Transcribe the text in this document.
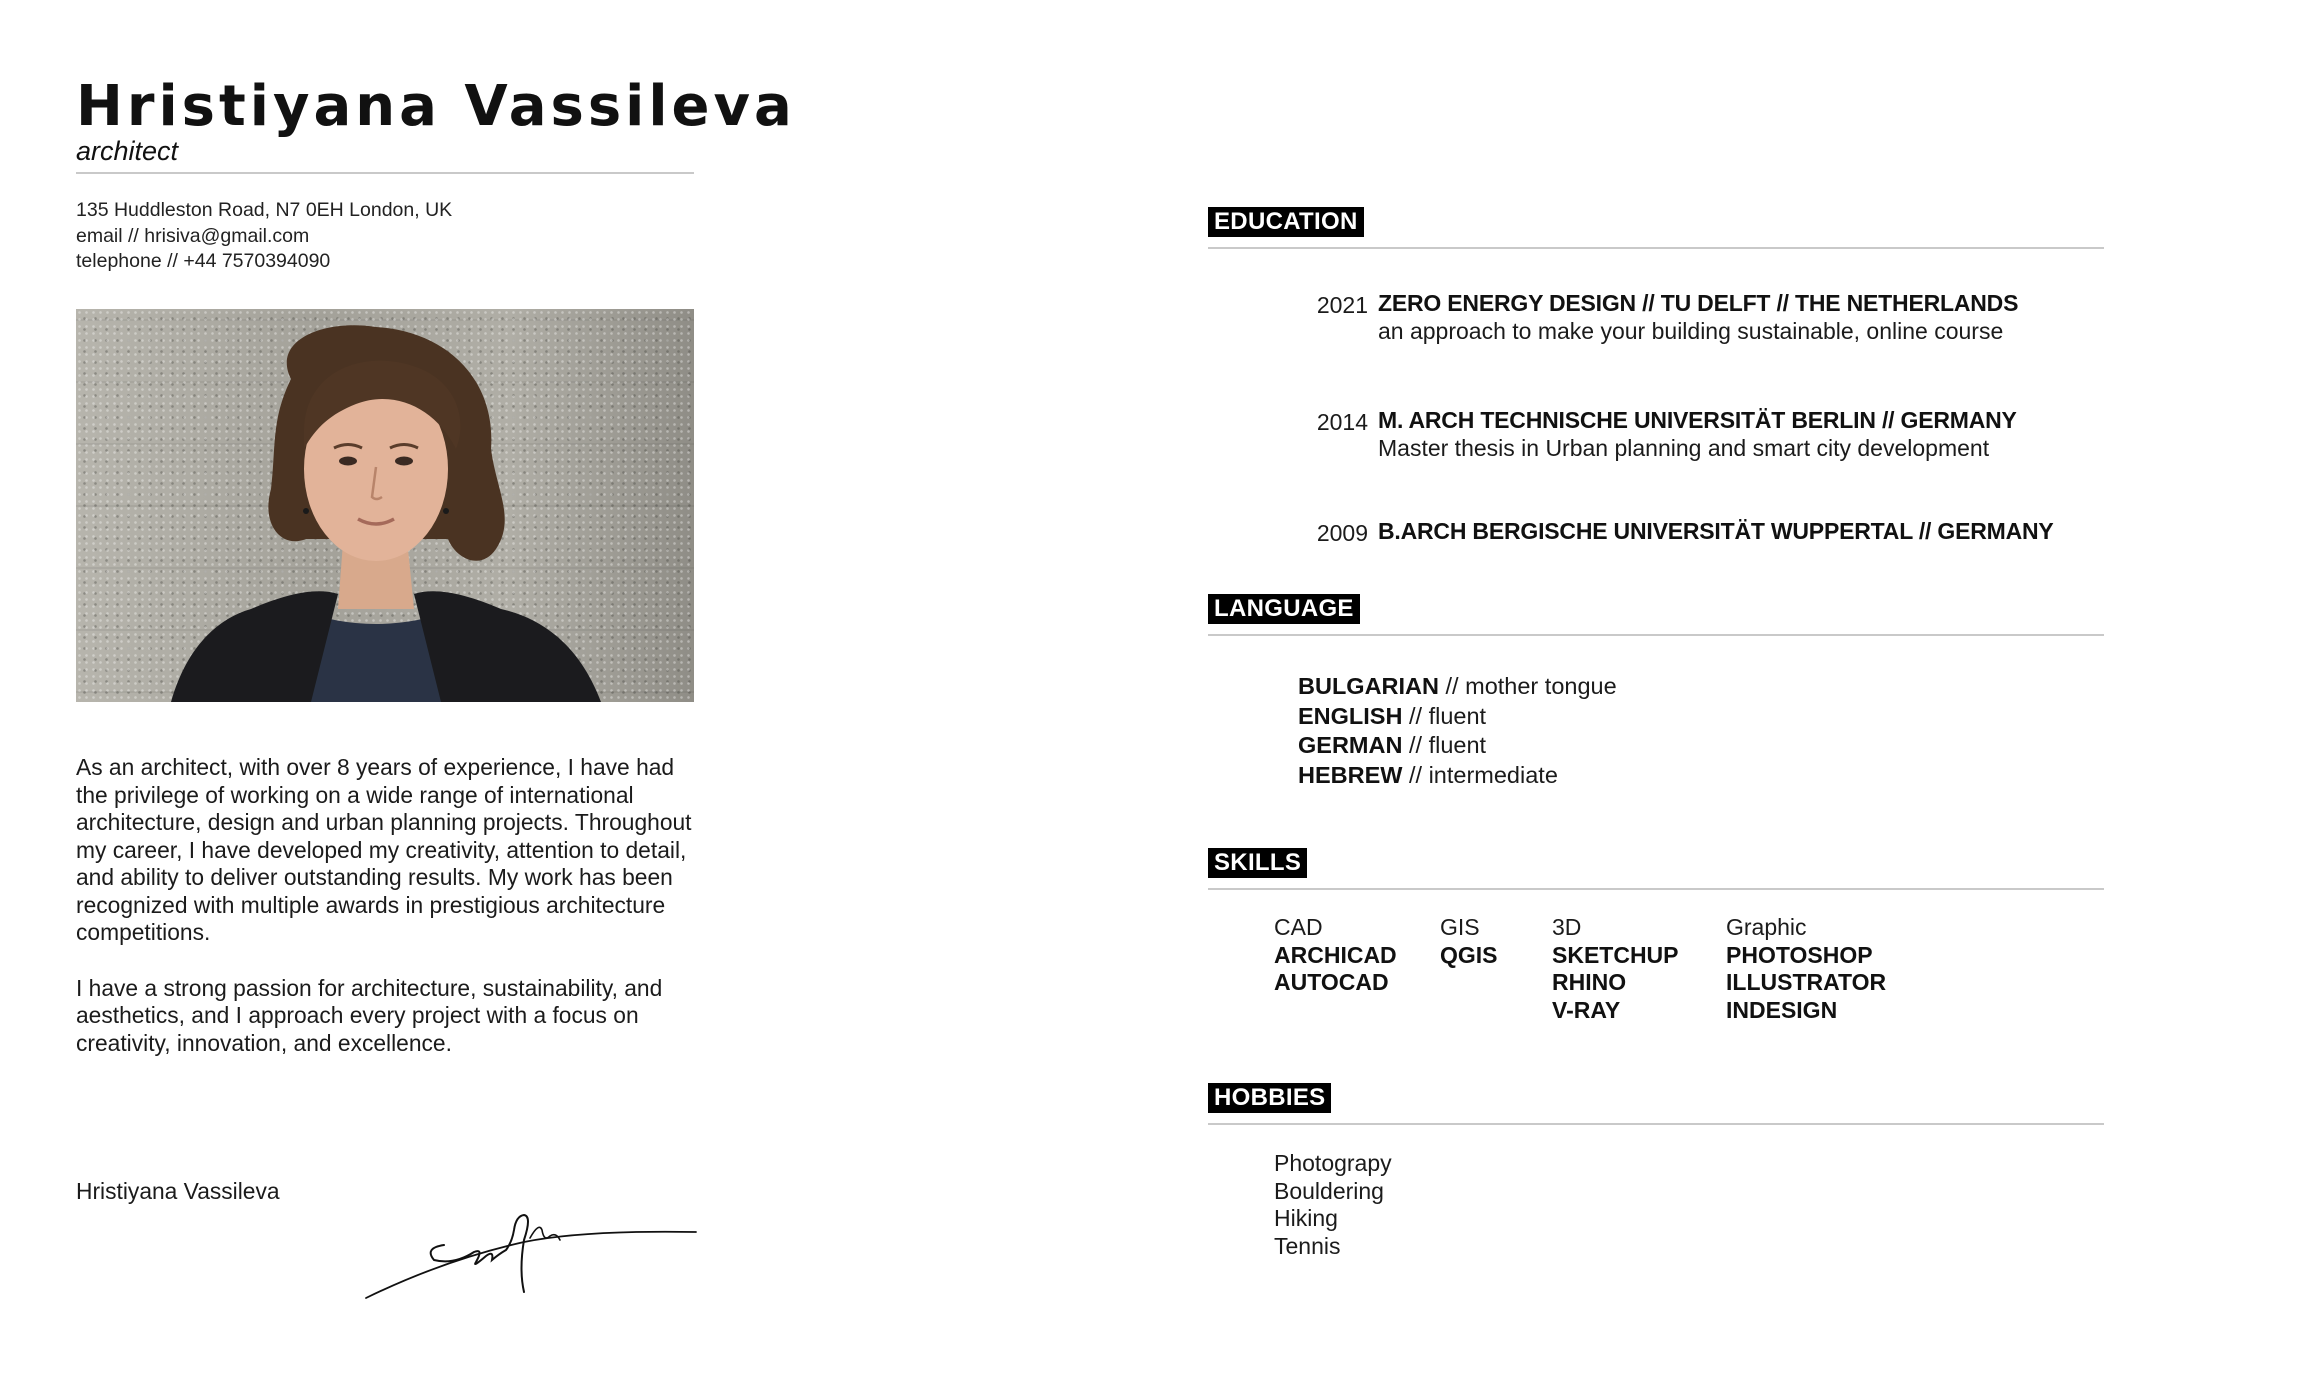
Hristiyana Vassileva
architect
135 Huddleston Road, N7 0EH London, UK
email // hrisiva@gmail.com
telephone // +44 7570394090

As an architect, with over 8 years of experience, I have had the privilege of working on a wide range of international architecture, design and urban planning projects. Throughout my career, I have developed my creativity, attention to detail, and ability to deliver outstanding results. My work has been recognized with multiple awards in prestigious architecture competitions.

I have a strong passion for architecture, sustainability, and aesthetics, and I approach every project with a focus on creativity, innovation, and excellence.

Hristiyana Vassileva
EDUCATION
2021 ZERO ENERGY DESIGN // TU DELFT // THE NETHERLANDS
an approach to make your building sustainable, online course
2014 M. ARCH TECHNISCHE UNIVERSITÄT BERLIN // GERMANY
Master thesis in Urban planning and smart city development
2009 B.ARCH BERGISCHE UNIVERSITÄT WUPPERTAL // GERMANY
LANGUAGE
BULGARIAN // mother tongue
ENGLISH // fluent
GERMAN // fluent
HEBREW // intermediate
SKILLS
CAD
ARCHICAD
AUTOCAD
GIS
QGIS
3D
SKETCHUP
RHINO
V-RAY
Graphic
PHOTOSHOP
ILLUSTRATOR
INDESIGN
HOBBIES
Photograpy
Bouldering
Hiking
Tennis
